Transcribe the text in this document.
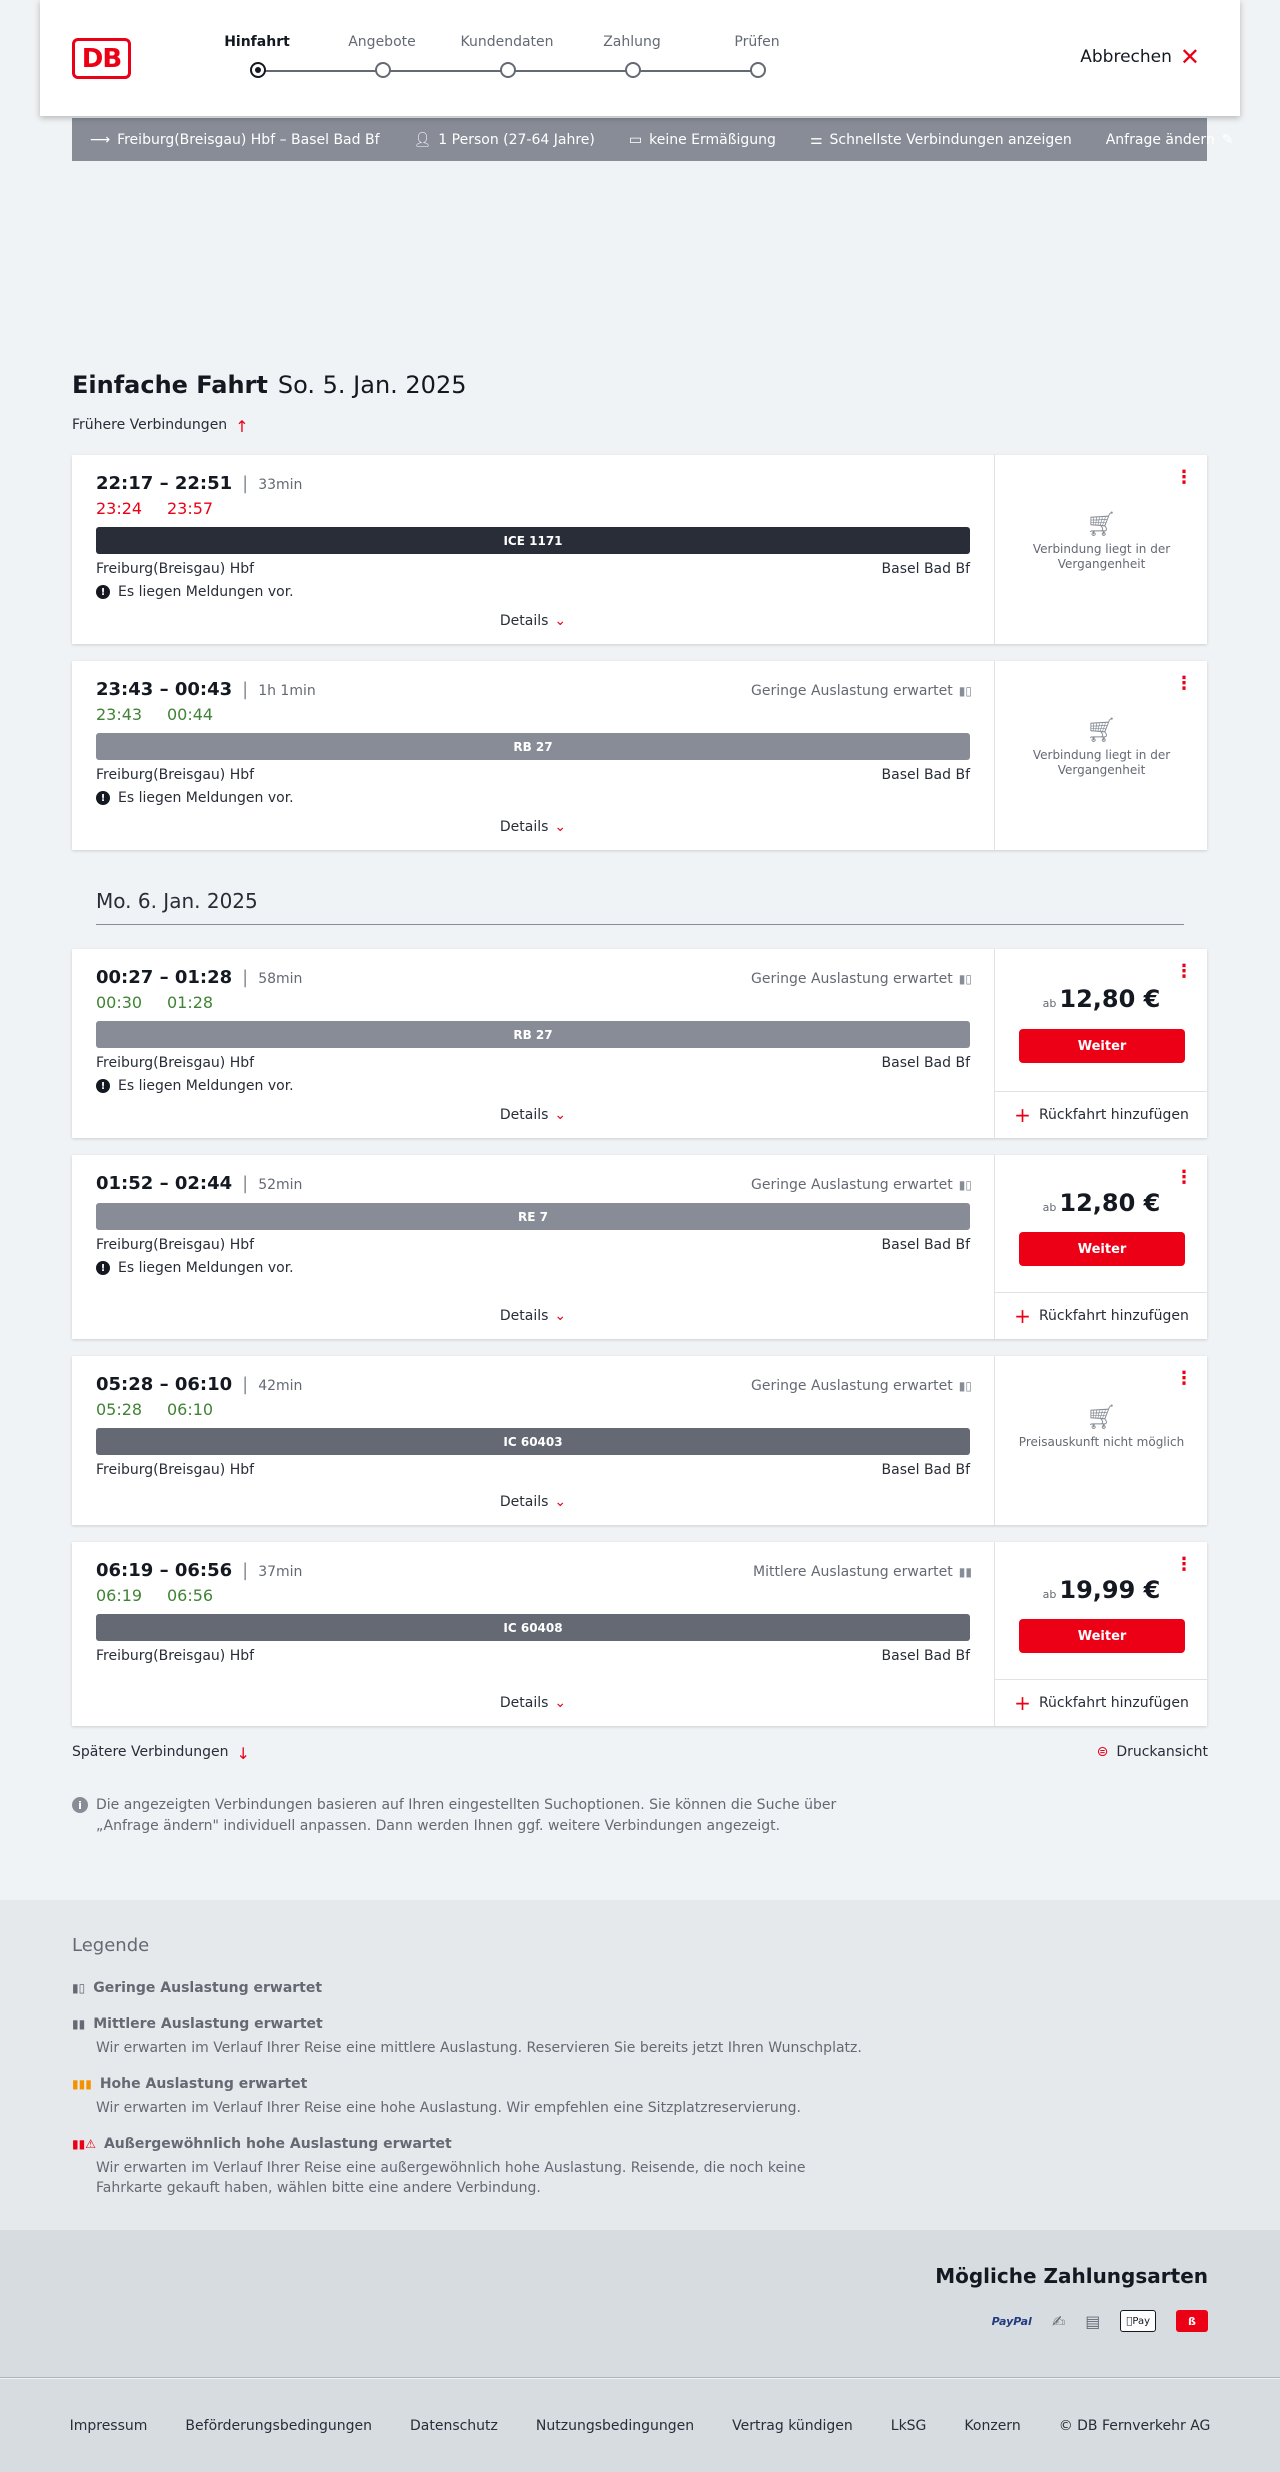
DB
Hinfahrt	Angebote	Kundendaten	Zahlung	Prüfen
Abbrechen ✕
⟶ Freiburg(Breisgau) Hbf – Basel Bad Bf 👤︎ 1 Person (27-64 Jahre) ▭ keine Ermäßigung ⚌ Schnellste Verbindungen anzeigen Anfrage ändern ✎
Einfache Fahrt So. 5. Jan. 2025
Frühere Verbindungen ↑
22:17 – 22:51 | 33min
23:24 23:57
ICE 1171
Freiburg(Breisgau) Hbf	Basel Bad Bf
! Es liegen Meldungen vor.
Details ⌄
⋮
🛒︎
Verbindung liegt in der Vergangenheit
23:43 – 00:43 | 1h 1min	Geringe Auslastung erwartet ▮▯
23:43 00:44
RB 27
Freiburg(Breisgau) Hbf	Basel Bad Bf
! Es liegen Meldungen vor.
Details ⌄
⋮
🛒︎
Verbindung liegt in der Vergangenheit
Mo. 6. Jan. 2025
00:27 – 01:28 | 58min	Geringe Auslastung erwartet ▮▯
00:30 01:28
RB 27
Freiburg(Breisgau) Hbf	Basel Bad Bf
! Es liegen Meldungen vor.
Details ⌄
⋮
ab 12,80 €
Weiter
+ Rückfahrt hinzufügen
01:52 – 02:44 | 52min	Geringe Auslastung erwartet ▮▯
RE 7
Freiburg(Breisgau) Hbf	Basel Bad Bf
! Es liegen Meldungen vor.
Details ⌄
⋮
ab 12,80 €
Weiter
+ Rückfahrt hinzufügen
05:28 – 06:10 | 42min	Geringe Auslastung erwartet ▮▯
05:28 06:10
IC 60403
Freiburg(Breisgau) Hbf	Basel Bad Bf
Details ⌄
⋮
🛒︎
Preisauskunft nicht möglich
06:19 – 06:56 | 37min	Mittlere Auslastung erwartet ▮▮
06:19 06:56
IC 60408
Freiburg(Breisgau) Hbf	Basel Bad Bf
Details ⌄
⋮
ab 19,99 €
Weiter
+ Rückfahrt hinzufügen
Spätere Verbindungen ↓	⊜ Druckansicht
i	Die angezeigten Verbindungen basieren auf Ihren eingestellten Suchoptionen. Sie können die Suche über „Anfrage ändern" individuell anpassen. Dann werden Ihnen ggf. weitere Verbindungen angezeigt.
Legende
▮▯ Geringe Auslastung erwartet
▮▮ Mittlere Auslastung erwartet
Wir erwarten im Verlauf Ihrer Reise eine mittlere Auslastung. Reservieren Sie bereits jetzt Ihren Wunschplatz.
▮▮▮ Hohe Auslastung erwartet
Wir erwarten im Verlauf Ihrer Reise eine hohe Auslastung. Wir empfehlen eine Sitzplatzreservierung.
▮▮⚠ Außergewöhnlich hohe Auslastung erwartet
Wir erwarten im Verlauf Ihrer Reise eine außergewöhnlich hohe Auslastung. Reisende, die noch keine Fahrkarte gekauft haben, wählen bitte eine andere Verbindung.
Mögliche Zahlungsarten
PayPal	✍	▤	Pay	ß
Impressum	Beförderungsbedingungen	Datenschutz	Nutzungsbedingungen	Vertrag kündigen	LkSG	Konzern	© DB Fernverkehr AG
